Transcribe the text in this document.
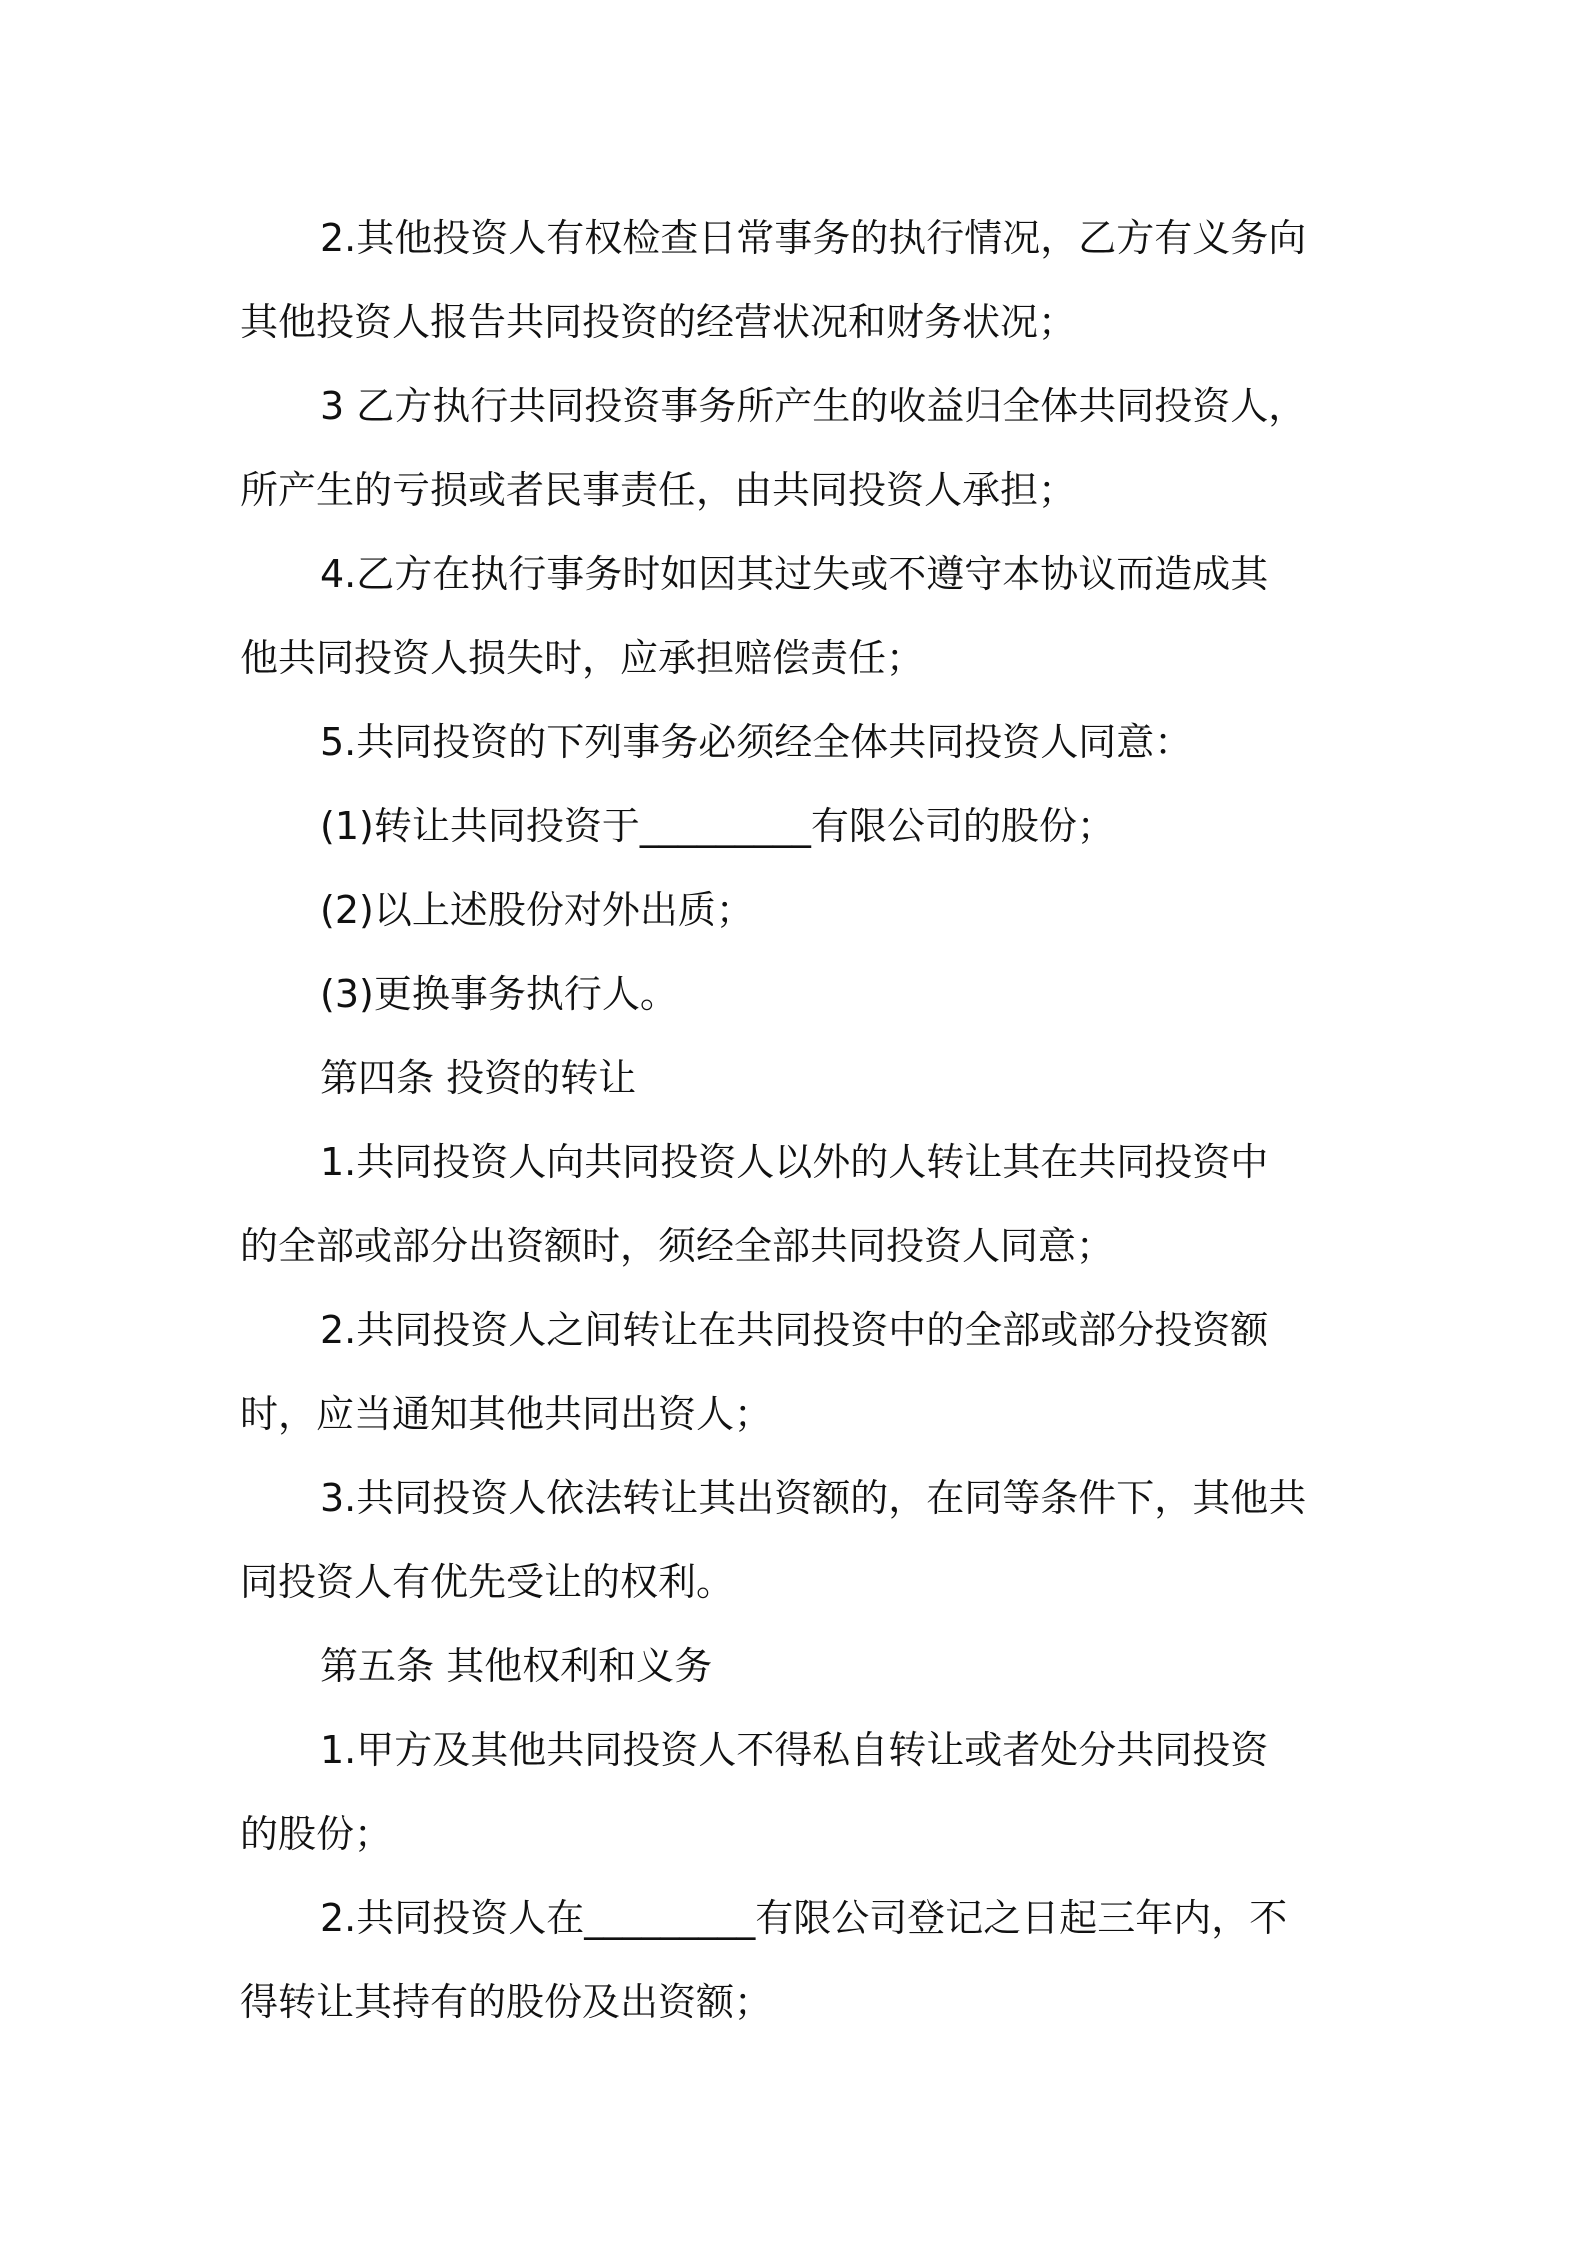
2.其他投资人有权检查日常事务的执行情况，乙方有义务向
其他投资人报告共同投资的经营状况和财务状况；

3 乙方执行共同投资事务所产生的收益归全体共同投资人，
所产生的亏损或者民事责任，由共同投资人承担；

4.乙方在执行事务时如因其过失或不遵守本协议而造成其
他共同投资人损失时，应承担赔偿责任；

5.共同投资的下列事务必须经全体共同投资人同意：

(1)转让共同投资于_________有限公司的股份；

(2)以上述股份对外出质；

(3)更换事务执行人。

第四条 投资的转让

1.共同投资人向共同投资人以外的人转让其在共同投资中
的全部或部分出资额时，须经全部共同投资人同意；

2.共同投资人之间转让在共同投资中的全部或部分投资额
时，应当通知其他共同出资人；

3.共同投资人依法转让其出资额的，在同等条件下，其他共
同投资人有优先受让的权利。

第五条 其他权利和义务

1.甲方及其他共同投资人不得私自转让或者处分共同投资
的股份；

2.共同投资人在_________有限公司登记之日起三年内，不
得转让其持有的股份及出资额；
